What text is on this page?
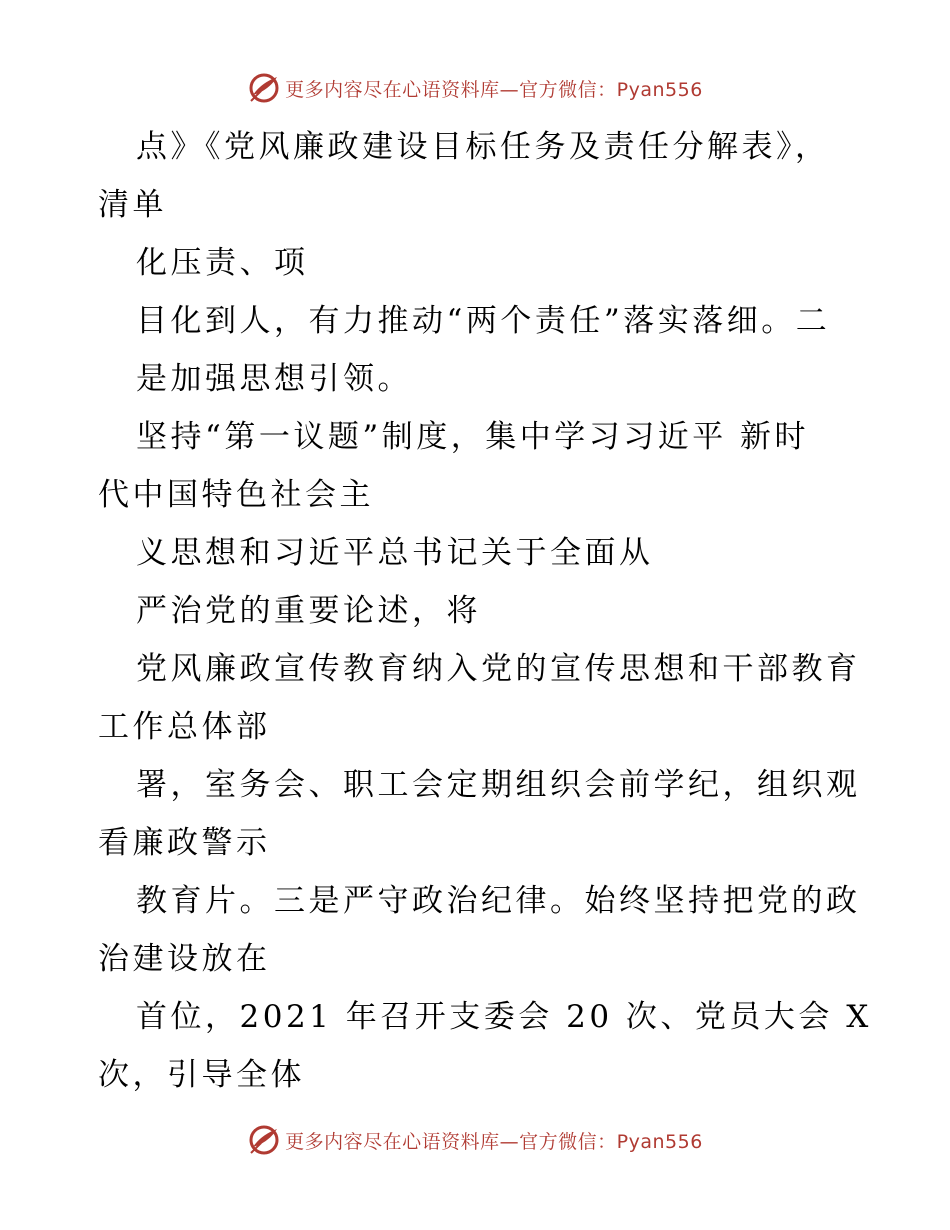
更多内容尽在心语资料库—官方微信：Pyan556
点》《党风廉政建设目标任务及责任分解表》，
清单
化压责、项
目化到人，有力推动“两个责任”落实落细。二
是加强思想引领。
坚持“第一议题”制度，集中学习习近平 新时
代中国特色社会主
义思想和习近平总书记关于全面从
严治党的重要论述，将
党风廉政宣传教育纳入党的宣传思想和干部教育
工作总体部
署，室务会、职工会定期组织会前学纪，组织观
看廉政警示
教育片。三是严守政治纪律。始终坚持把党的政
治建设放在
首位，2021 年召开支委会 20 次、党员大会 X
次，引导全体
更多内容尽在心语资料库—官方微信：Pyan556
